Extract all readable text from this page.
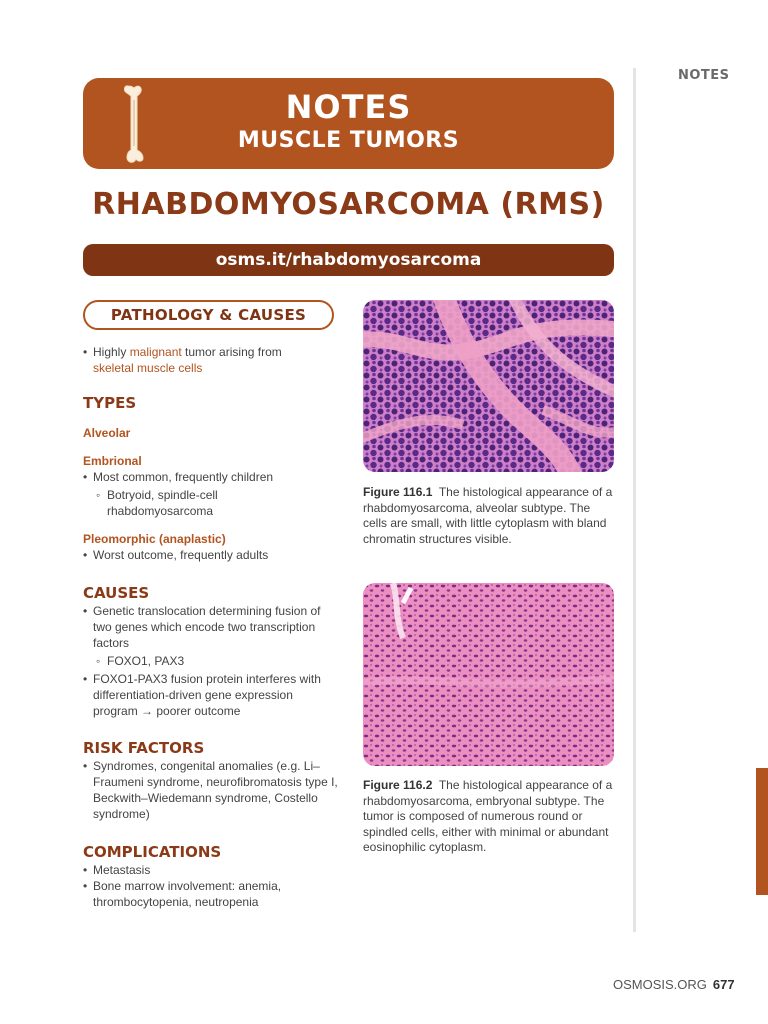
NOTES
NOTES
MUSCLE TUMORS
RHABDOMYOSARCOMA (RMS)
osms.it/rhabdomyosarcoma
PATHOLOGY & CAUSES
• Highly malignant tumor arising from
skeletal muscle cells
TYPES
Alveolar
Embrional
• Most common, frequently children
◦ Botryoid, spindle-cell rhabdomyosarcoma
Pleomorphic (anaplastic)
• Worst outcome, frequently adults
CAUSES
• Genetic translocation determining fusion of two genes which encode two transcription factors
◦ FOXO1, PAX3
• FOXO1-PAX3 fusion protein interferes with differentiation-driven gene expression program → poorer outcome
RISK FACTORS
• Syndromes, congenital anomalies (e.g. Li–Fraumeni syndrome, neurofibromatosis type I, Beckwith–Wiedemann syndrome, Costello syndrome)
COMPLICATIONS
• Metastasis
• Bone marrow involvement: anemia, thrombocytopenia, neutropenia
Figure 116.1 The histological appearance of a rhabdomyosarcoma, alveolar subtype. The cells are small, with little cytoplasm with bland chromatin structures visible.
Figure 116.2 The histological appearance of a rhabdomyosarcoma, embryonal subtype. The tumor is composed of numerous round or spindled cells, either with minimal or abundant eosinophilic cytoplasm.
OSMOSIS.ORG 677
